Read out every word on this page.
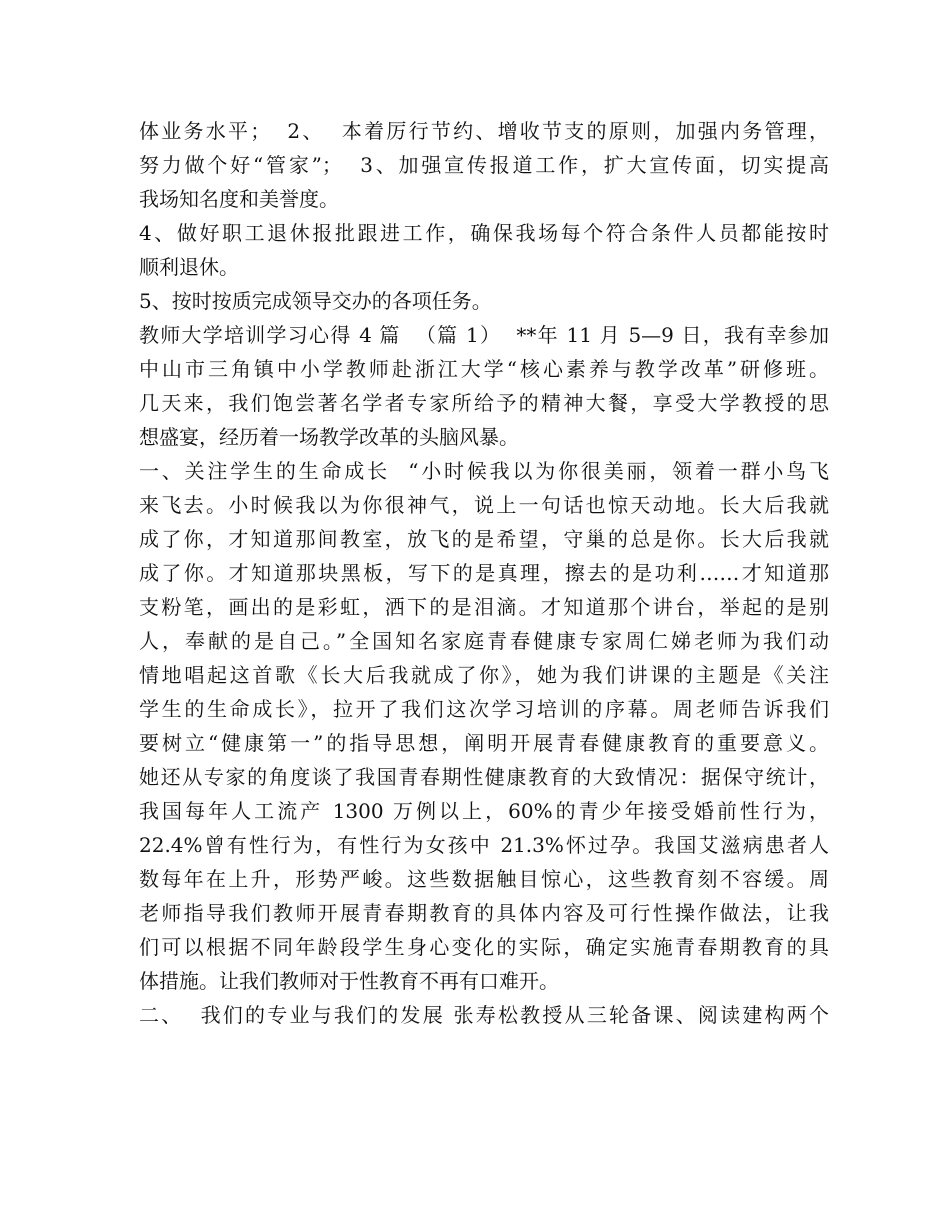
体业务水平；  2、  本着厉行节约、增收节支的原则，加强内务管理，
努力做个好“管家”；  3、加强宣传报道工作，扩大宣传面，切实提高
我场知名度和美誉度。
4、做好职工退休报批跟进工作，确保我场每个符合条件人员都能按时
顺利退休。
5、按时按质完成领导交办的各项任务。
教师大学培训学习心得 4 篇  （篇 1）  **年 11 月 5—9 日，我有幸参加
中山市三角镇中小学教师赴浙江大学“核心素养与教学改革”研修班。
几天来，我们饱尝著名学者专家所给予的精神大餐，享受大学教授的思
想盛宴，经历着一场教学改革的头脑风暴。
一、关注学生的生命成长  “小时候我以为你很美丽，领着一群小鸟飞
来飞去。小时候我以为你很神气，说上一句话也惊天动地。长大后我就
成了你，才知道那间教室，放飞的是希望，守巢的总是你。长大后我就
成了你。才知道那块黑板，写下的是真理，擦去的是功利……才知道那
支粉笔，画出的是彩虹，洒下的是泪滴。才知道那个讲台，举起的是别
人，奉献的是自己。”全国知名家庭青春健康专家周仁娣老师为我们动
情地唱起这首歌《长大后我就成了你》，她为我们讲课的主题是《关注
学生的生命成长》，拉开了我们这次学习培训的序幕。周老师告诉我们
要树立“健康第一”的指导思想，阐明开展青春健康教育的重要意义。
她还从专家的角度谈了我国青春期性健康教育的大致情况：据保守统计，
我国每年人工流产 1300 万例以上，60%的青少年接受婚前性行为，
22.4%曾有性行为，有性行为女孩中 21.3%怀过孕。我国艾滋病患者人
数每年在上升，形势严峻。这些数据触目惊心，这些教育刻不容缓。周
老师指导我们教师开展青春期教育的具体内容及可行性操作做法，让我
们可以根据不同年龄段学生身心变化的实际，确定实施青春期教育的具
体措施。让我们教师对于性教育不再有口难开。
二、  我们的专业与我们的发展 张寿松教授从三轮备课、阅读建构两个
